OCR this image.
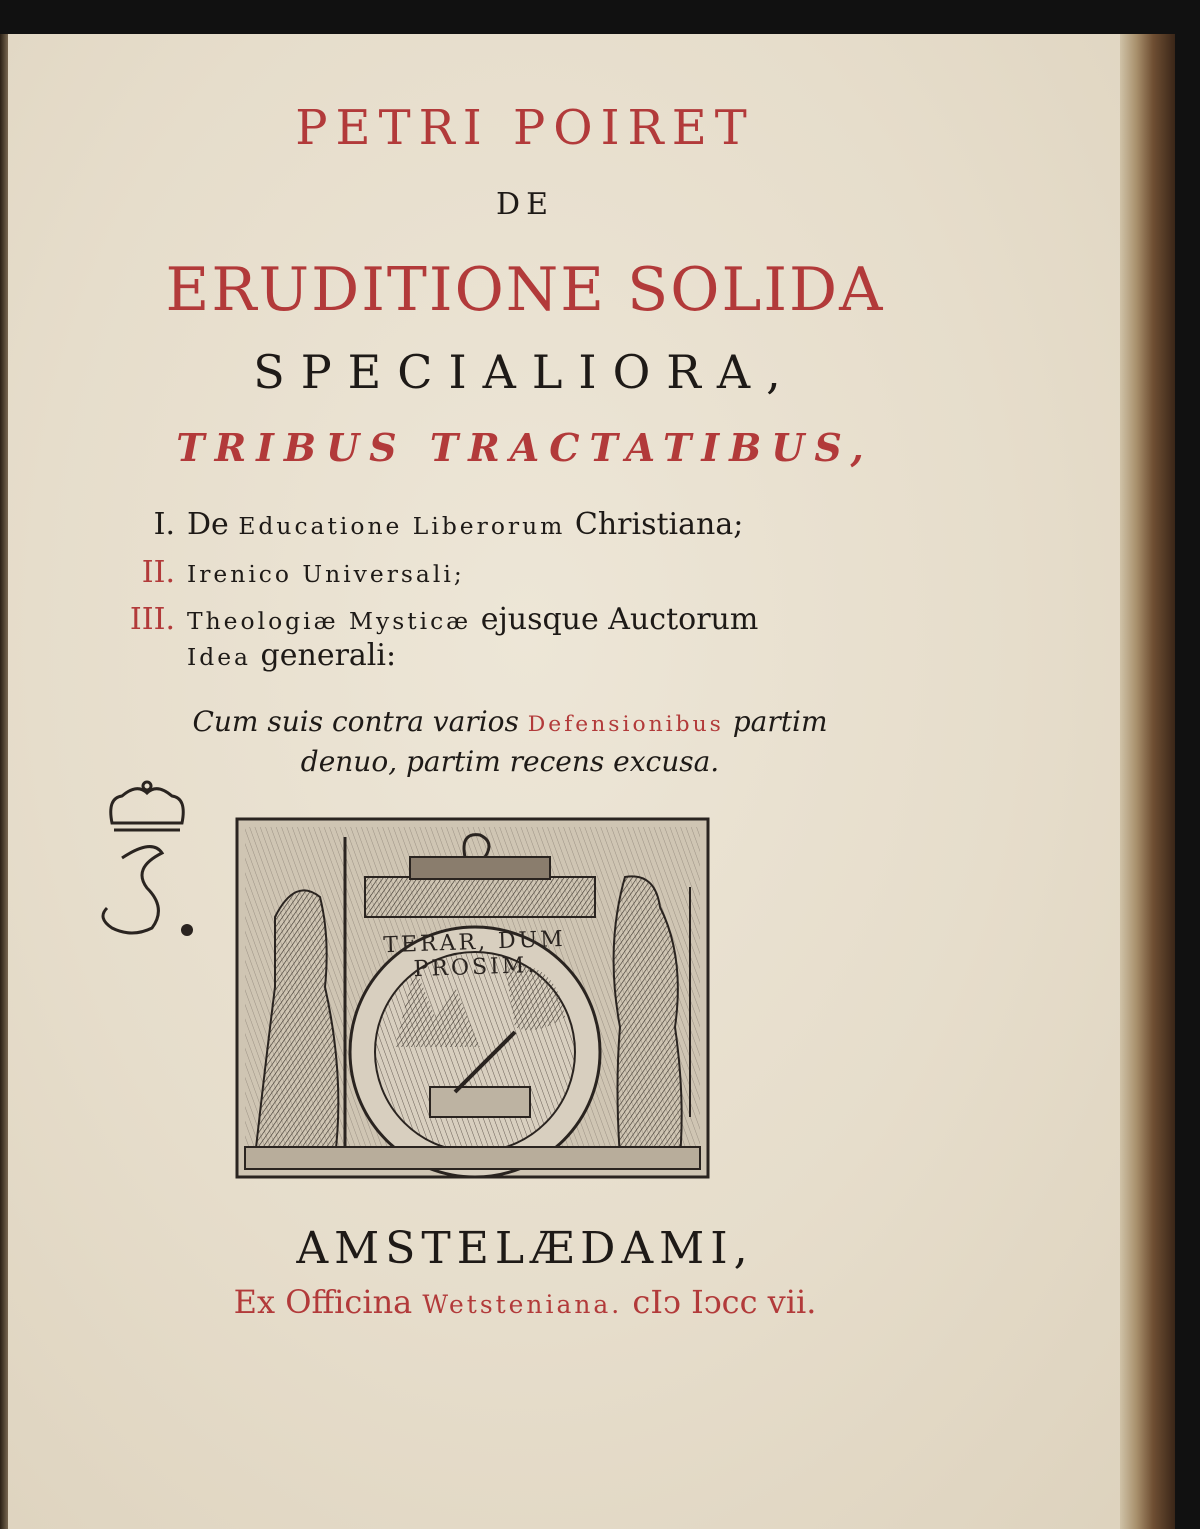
PETRI POIRET
DE
ERUDITIONE SOLIDA
SPECIALIORA,
TRIBUS TRACTATIBUS,
I. De Educatione Liberorum Christiana;
II. Irenico Universali;
III. Theologiæ Mysticæ ejusque Auctorum
Idea generali:
Cum suis contra varios Defensionibus partim
denuo, partim recens excusa.
TERAR, DUM PROSIM.
AMSTELÆDAMI,
Ex Officina Wetsteniana. cIↄ Iↄcc vii.
